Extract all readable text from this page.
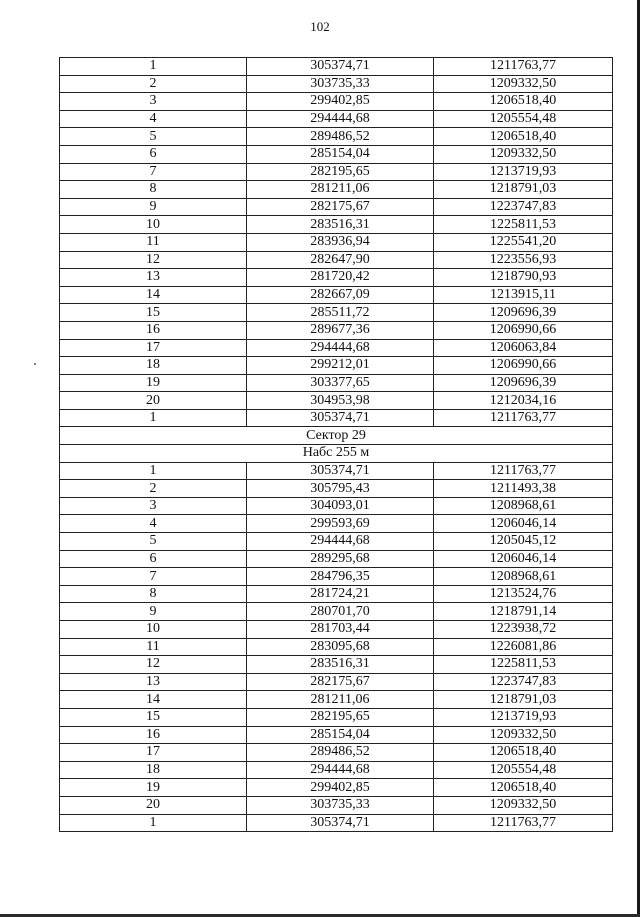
102
1	305374,71	1211763,77
2	303735,33	1209332,50
3	299402,85	1206518,40
4	294444,68	1205554,48
5	289486,52	1206518,40
6	285154,04	1209332,50
7	282195,65	1213719,93
8	281211,06	1218791,03
9	282175,67	1223747,83
10	283516,31	1225811,53
11	283936,94	1225541,20
12	282647,90	1223556,93
13	281720,42	1218790,93
14	282667,09	1213915,11
15	285511,72	1209696,39
16	289677,36	1206990,66
17	294444,68	1206063,84
18	299212,01	1206990,66
19	303377,65	1209696,39
20	304953,98	1212034,16
1	305374,71	1211763,77
Сектор 29		
Набс 255 м		
1	305374,71	1211763,77
2	305795,43	1211493,38
3	304093,01	1208968,61
4	299593,69	1206046,14
5	294444,68	1205045,12
6	289295,68	1206046,14
7	284796,35	1208968,61
8	281724,21	1213524,76
9	280701,70	1218791,14
10	281703,44	1223938,72
11	283095,68	1226081,86
12	283516,31	1225811,53
13	282175,67	1223747,83
14	281211,06	1218791,03
15	282195,65	1213719,93
16	285154,04	1209332,50
17	289486,52	1206518,40
18	294444,68	1205554,48
19	299402,85	1206518,40
20	303735,33	1209332,50
1	305374,71	1211763,77
